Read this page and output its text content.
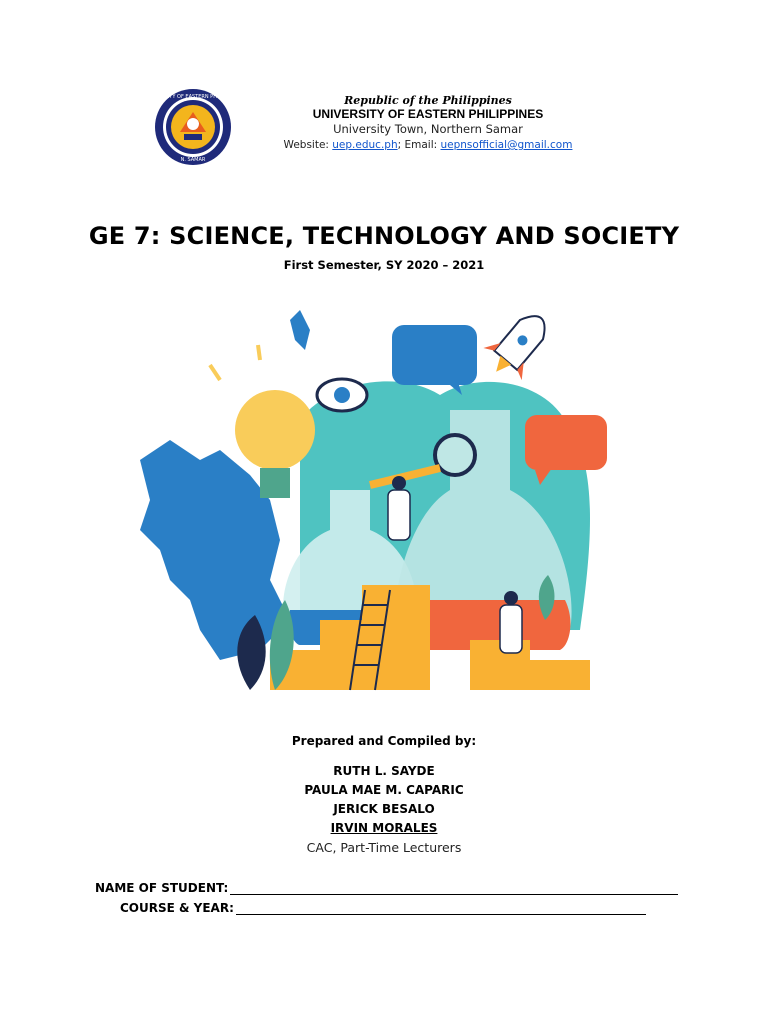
UNIVERSITY OF EASTERN PHILIPPINES
N. SAMAR
Republic of the Philippines
UNIVERSITY OF EASTERN PHILIPPINES
University Town, Northern Samar
Website: uep.educ.ph; Email: uepnsofficial@gmail.com
GE 7: SCIENCE, TECHNOLOGY AND SOCIETY
First Semester, SY 2020 – 2021
Prepared and Compiled by:
RUTH L. SAYDE
PAULA MAE M. CAPARIC
JERICK BESALO
IRVIN MORALES
CAC, Part-Time Lecturers
NAME OF STUDENT:
COURSE & YEAR:
